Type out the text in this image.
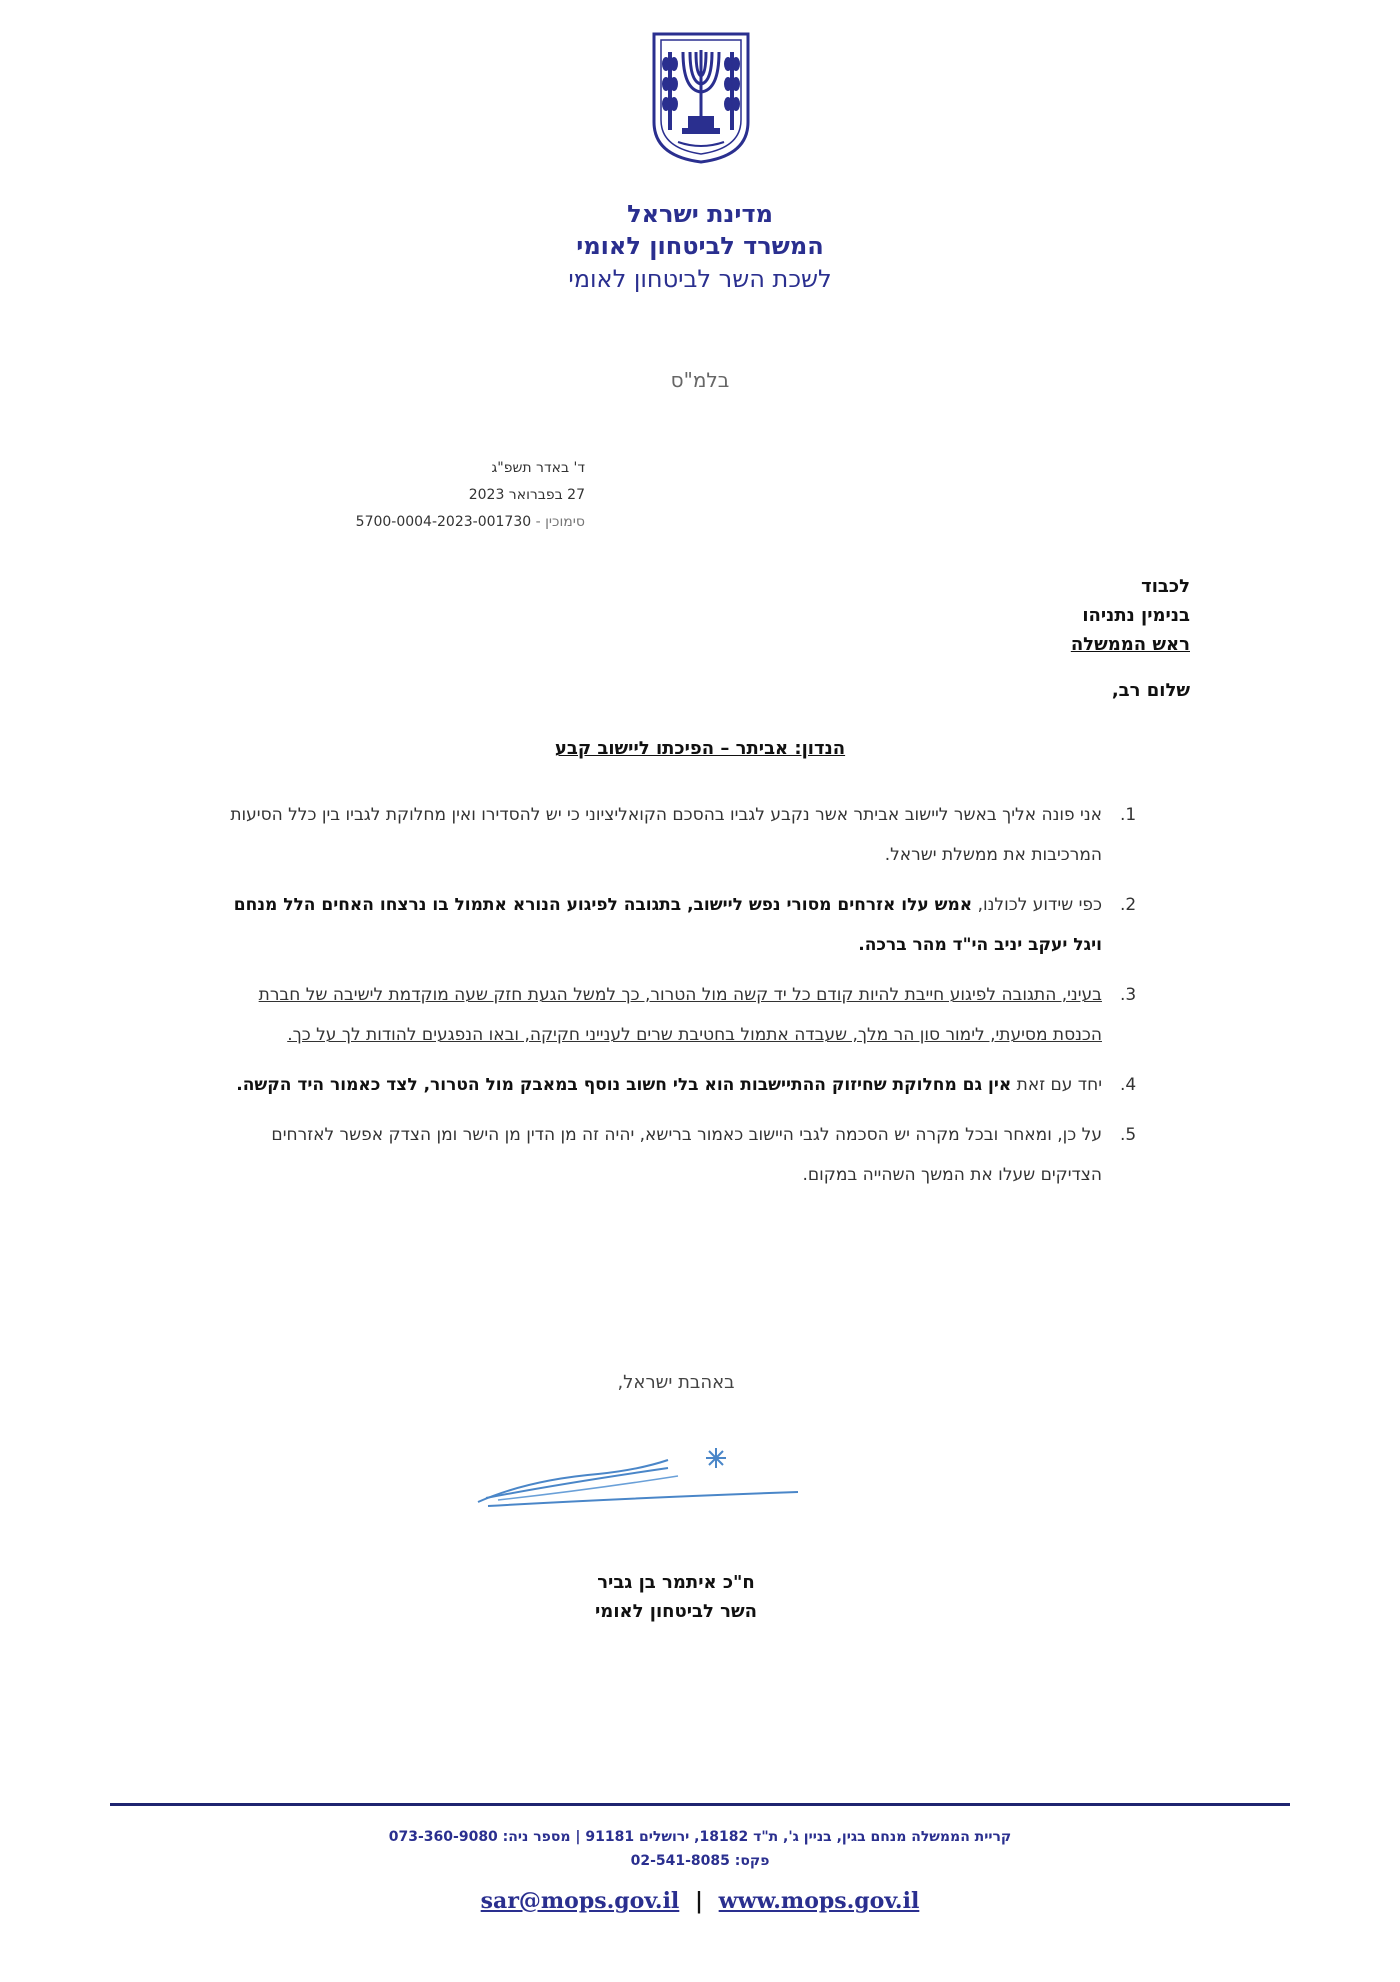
מדינת ישראל
המשרד לביטחון לאומי
לשכת השר לביטחון לאומי
בלמ"ס
ד' באדר תשפ"ג
27 בפברואר 2023
סימוכין - 5700-0004-2023-001730
לכבוד
בנימין נתניהו
ראש הממשלה
שלום רב,
הנדון: אביתר – הפיכתו ליישוב קבע
1.
אני פונה אליך באשר ליישוב אביתר אשר נקבע לגביו בהסכם הקואליציוני כי יש להסדירו ואין מחלוקת לגביו בין כלל הסיעות המרכיבות את ממשלת ישראל.
2.
כפי שידוע לכולנו, אמש עלו אזרחים מסורי נפש ליישוב, בתגובה לפיגוע הנורא אתמול בו נרצחו האחים הלל מנחם ויגל יעקב יניב הי"ד מהר ברכה.
3.
בעיני, התגובה לפיגוע חייבת להיות קודם כל יד קשה מול הטרור, כך למשל הגעת חזק שעה מוקדמת לישיבה של חברת הכנסת מסיעתי, לימור סון הר מלך, שעבדה אתמול בחטיבת שרים לענייני חקיקה, ובאו הנפגעים להודות לך על כך.
4.
יחד עם זאת אין גם מחלוקת שחיזוק ההתיישבות הוא בלי חשוב נוסף במאבק מול הטרור, לצד כאמור היד הקשה.
5.
על כן, ומאחר ובכל מקרה יש הסכמה לגבי היישוב כאמור ברישא, יהיה זה מן הדין מן הישר ומן הצדק אפשר לאזרחים הצדיקים שעלו את המשך השהייה במקום.
באהבת ישראל,
ח"כ איתמר בן גביר
השר לביטחון לאומי
קריית הממשלה מנחם בגין, בניין ג', ת"ד 18182, ירושלים 91181 | מספר ניה: 073-360-9080
פקס: 02-541-8085
sar@mops.gov.il | www.mops.gov.il
